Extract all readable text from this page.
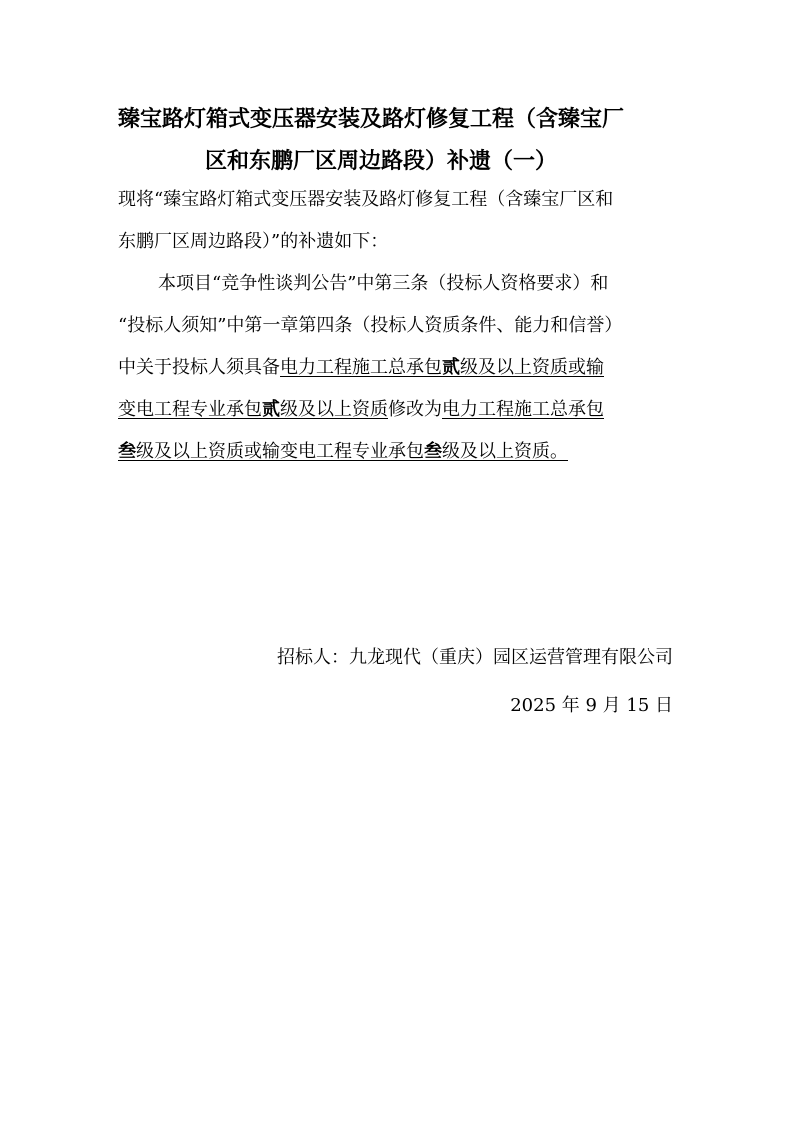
臻宝路灯箱式变压器安装及路灯修复工程（含臻宝厂
区和东鹏厂区周边路段）补遗（一）
现将“臻宝路灯箱式变压器安装及路灯修复工程（含臻宝厂区和
东鹏厂区周边路段）”的补遗如下：
本项目“竞争性谈判公告”中第三条（投标人资格要求）和
“投标人须知”中第一章第四条（投标人资质条件、能力和信誉）
中关于投标人须具备电力工程施工总承包贰级及以上资质或输
变电工程专业承包贰级及以上资质修改为电力工程施工总承包
叁级及以上资质或输变电工程专业承包叁级及以上资质。
招标人：九龙现代（重庆）园区运营管理有限公司
2025 年 9 月 15 日
